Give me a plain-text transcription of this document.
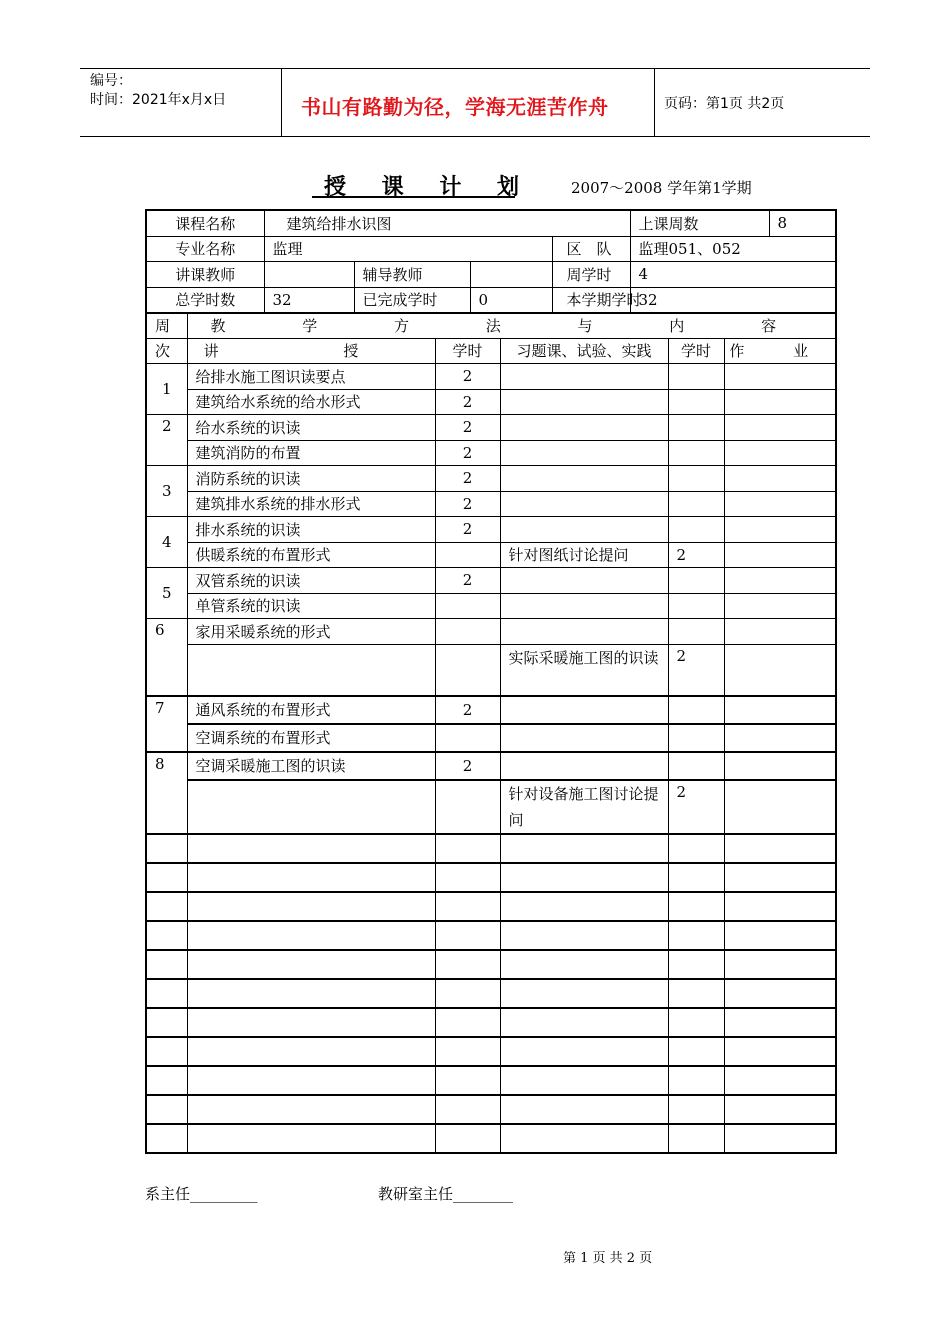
编号：
时间：2021年x月x日	书山有路勤为径，学海无涯苦作舟	页码：第1页 共2页
授 课 计 划	2007～2008 学年第1学期
课程名称	建筑给排水识图				上课周数	8
专业名称	监理			区　队	监理051、052	
讲课教师		辅导教师		周学时	4	
总学时数	32	已完成学时	0	本学期学时	32	
周	教 学 方 法 与 内 容				
次	讲 授	学时	习题课、试验、实践	学时	作 业
1	给排水施工图识读要点	2			
	建筑给水系统的给水形式	2			
2	给水系统的识读	2			
	建筑消防的布置	2			
3	消防系统的识读	2			
	建筑排水系统的排水形式	2			
4	排水系统的识读	2			
	供暖系统的布置形式		针对图纸讨论提问	2	
5	双管系统的识读	2			
	单管系统的识读				
6	家用采暖系统的形式				
			实际采暖施工图的识读	2	
7	通风系统的布置形式	2			
	空调系统的布置形式				
8	空调采暖施工图的识读	2			
			针对设备施工图讨论提问	2	

系主任_________	教研室主任________
第 1 页 共 2 页
